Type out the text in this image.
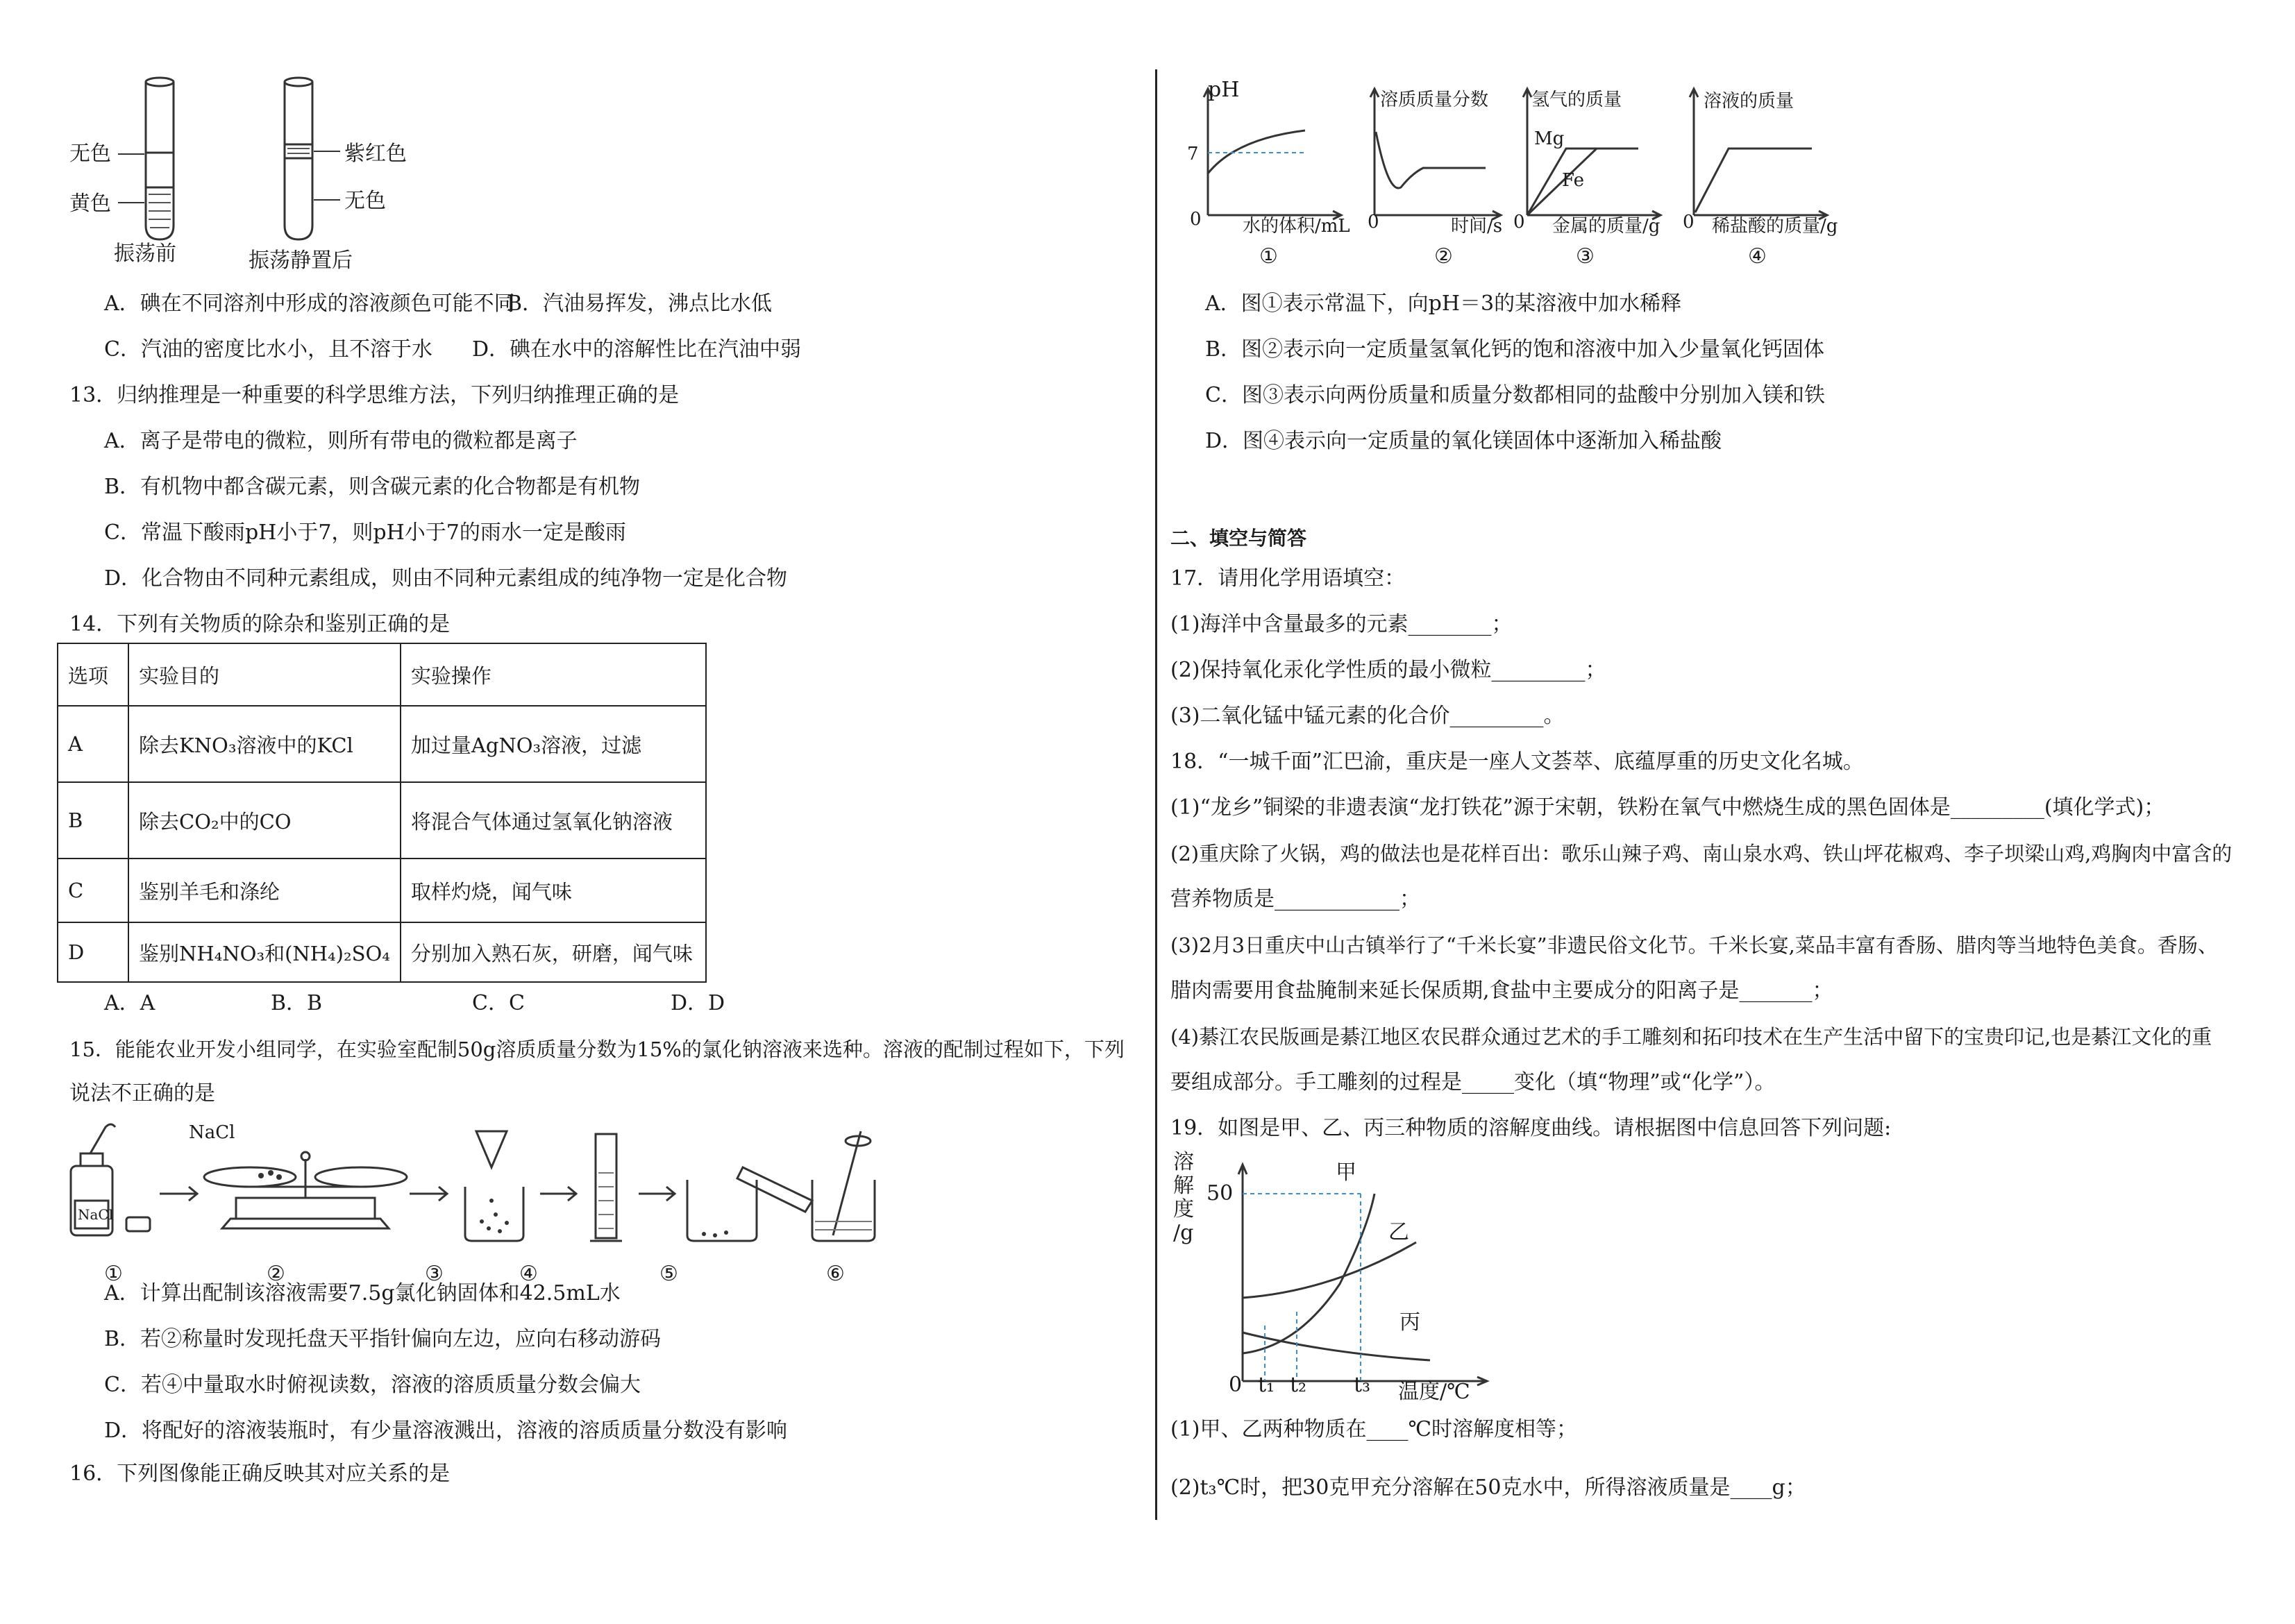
无色
黄色
振荡前
紫红色
无色
振荡静置后
A．碘在不同溶剂中形成的溶液颜色可能不同
B．汽油易挥发，沸点比水低
C．汽油的密度比水小，且不溶于水 D．碘在水中的溶解性比在汽油中弱
13．归纳推理是一种重要的科学思维方法，下列归纳推理正确的是
A．离子是带电的微粒，则所有带电的微粒都是离子
B．有机物中都含碳元素，则含碳元素的化合物都是有机物
C．常温下酸雨pH小于7，则pH小于7的雨水一定是酸雨
D．化合物由不同种元素组成，则由不同种元素组成的纯净物一定是化合物
14．下列有关物质的除杂和鉴别正确的是
选项	实验目的	实验操作
A	除去KNO₃溶液中的KCl	加过量AgNO₃溶液，过滤
B	除去CO₂中的CO	将混合气体通过氢氧化钠溶液
C	鉴别羊毛和涤纶	取样灼烧，闻气味
D	鉴别NH₄NO₃和(NH₄)₂SO₄	分别加入熟石灰，研磨，闻气味
A．A	B．B	C．C	D．D
15．能能农业开发小组同学，在实验室配制50g溶质质量分数为15%的氯化钠溶液来选种。溶液的配制过程如下，下列
说法不正确的是
NaCl
NaCl
①	②	③	④	⑤	⑥
A．计算出配制该溶液需要7.5g氯化钠固体和42.5mL水
B．若②称量时发现托盘天平指针偏向左边，应向右移动游码
C．若④中量取水时俯视读数，溶液的溶质质量分数会偏大
D．将配好的溶液装瓶时，有少量溶液溅出，溶液的溶质质量分数没有影响
16．下列图像能正确反映其对应关系的是
pH
7
0 水的体积/mL
①
溶质质量分数
0	时间/s
②
氢气的质量
Mg
Fe
0 金属的质量/g
③
溶液的质量
0 稀盐酸的质量/g
④
A．图①表示常温下，向pH＝3的某溶液中加水稀释
B．图②表示向一定质量氢氧化钙的饱和溶液中加入少量氧化钙固体
C．图③表示向两份质量和质量分数都相同的盐酸中分别加入镁和铁
D．图④表示向一定质量的氧化镁固体中逐渐加入稀盐酸
二、填空与简答
17．请用化学用语填空：
(1)海洋中含量最多的元素________；
(2)保持氧化汞化学性质的最小微粒_________；
(3)二氧化锰中锰元素的化合价_________。
18．“一城千面”汇巴渝，重庆是一座人文荟萃、底蕴厚重的历史文化名城。
(1)“龙乡”铜梁的非遗表演“龙打铁花”源于宋朝，铁粉在氧气中燃烧生成的黑色固体是_________(填化学式)；
(2)重庆除了火锅，鸡的做法也是花样百出：歌乐山辣子鸡、南山泉水鸡、铁山坪花椒鸡、李子坝梁山鸡,鸡胸肉中富含的
营养物质是____________；
(3)2月3日重庆中山古镇举行了“千米长宴”非遗民俗文化节。千米长宴,菜品丰富有香肠、腊肉等当地特色美食。香肠、
腊肉需要用食盐腌制来延长保质期,食盐中主要成分的阳离子是_______；
(4)綦江农民版画是綦江地区农民群众通过艺术的手工雕刻和拓印技术在生产生活中留下的宝贵印记,也是綦江文化的重
要组成部分。手工雕刻的过程是_____变化（填“物理”或“化学”）。
19．如图是甲、乙、丙三种物质的溶解度曲线。请根据图中信息回答下列问题:
溶
解
度
/g
50
0 t₁ t₂ t₃ 温度/℃
甲
乙
丙
(1)甲、乙两种物质在____℃时溶解度相等；
(2)t₃℃时，把30克甲充分溶解在50克水中，所得溶液质量是____g；
